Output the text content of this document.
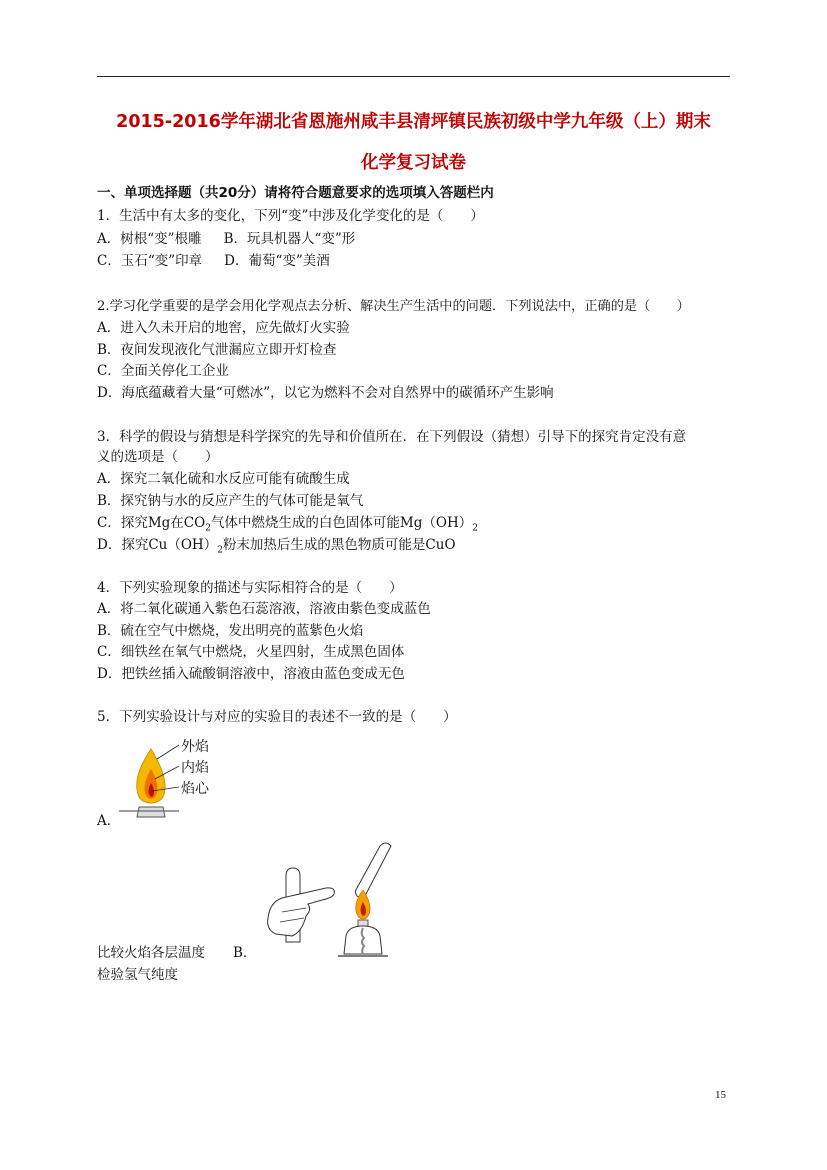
2015-2016学年湖北省恩施州咸丰县清坪镇民族初级中学九年级（上）期末
化学复习试卷
一、单项选择题（共20分）请将符合题意要求的选项填入答题栏内
1．生活中有太多的变化，下列“变”中涉及化学变化的是（　　）
A．树根“变”根雕 B．玩具机器人“变”形
C．玉石“变”印章 D．葡萄“变”美酒
2.学习化学重要的是学会用化学观点去分析、解决生产生活中的问题．下列说法中，正确的是（　　）
A．进入久未开启的地窖，应先做灯火实验
B．夜间发现液化气泄漏应立即开灯检查
C．全面关停化工企业
D．海底蕴藏着大量“可燃冰”，以它为燃料不会对自然界中的碳循环产生影响
3．科学的假设与猜想是科学探究的先导和价值所在．在下列假设（猜想）引导下的探究肯定没有意
义的选项是（　　）
A．探究二氧化硫和水反应可能有硫酸生成
B．探究钠与水的反应产生的气体可能是氧气
C．探究Mg在$CO_2$气体中燃烧生成的白色固体可能$Mg(OH)_2$
D．探究$Cu(OH)_2$粉末加热后生成的黑色物质可能是CuO
4．下列实验现象的描述与实际相符合的是（　　）
A．将二氧化碳通入紫色石蕊溶液，溶液由紫色变成蓝色
B．硫在空气中燃烧，发出明亮的蓝紫色火焰
C．细铁丝在氧气中燃烧，火星四射，生成黑色固体
D．把铁丝插入硫酸铜溶液中，溶液由蓝色变成无色
5．下列实验设计与对应的实验目的表述不一致的是（　　）
外焰
内焰
焰心
A．
比较火焰各层温度 B．
检验氢气纯度
15
